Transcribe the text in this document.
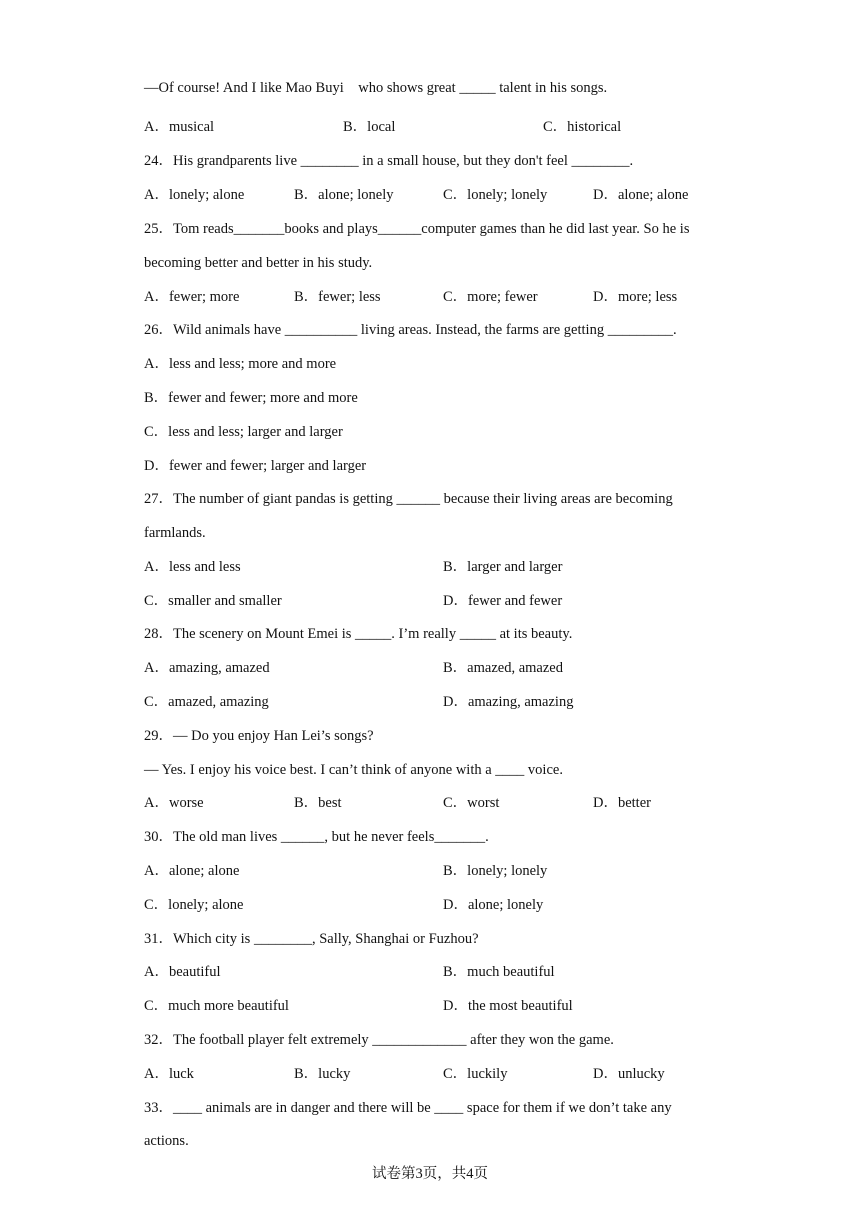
—Of course! And I like Mao Buyi    who shows great _____ talent in his songs.
A．musical	B．local	C．historical
24．His grandparents live ________ in a small house, but they don't feel ________.
A．lonely; alone	B．alone; lonely	C．lonely; lonely	D．alone; alone
25．Tom reads_______books and plays______computer games than he did last year. So he is
becoming better and better in his study.
A．fewer; more	B．fewer; less	C．more; fewer	D．more; less
26．Wild animals have __________ living areas. Instead, the farms are getting _________.
A．less and less; more and more
B．fewer and fewer; more and more
C．less and less; larger and larger
D．fewer and fewer; larger and larger
27．The number of giant pandas is getting ______ because their living areas are becoming
farmlands.
A．less and less	B．larger and larger
C．smaller and smaller	D．fewer and fewer
28．The scenery on Mount Emei is _____. I’m really _____ at its beauty.
A．amazing, amazed	B．amazed, amazed
C．amazed, amazing	D．amazing, amazing
29．— Do you enjoy Han Lei’s songs?
— Yes. I enjoy his voice best. I can’t think of anyone with a ____ voice.
A．worse	B．best	C．worst	D．better
30．The old man lives ______, but he never feels_______.
A．alone; alone	B．lonely; lonely
C．lonely; alone	D．alone; lonely
31．Which city is ________, Sally, Shanghai or Fuzhou?
A．beautiful	B．much beautiful
C．much more beautiful	D．the most beautiful
32．The football player felt extremely _____________ after they won the game.
A．luck	B．lucky	C．luckily	D．unlucky
33．____ animals are in danger and there will be ____ space for them if we don’t take any
actions.
试卷第3页，共4页
